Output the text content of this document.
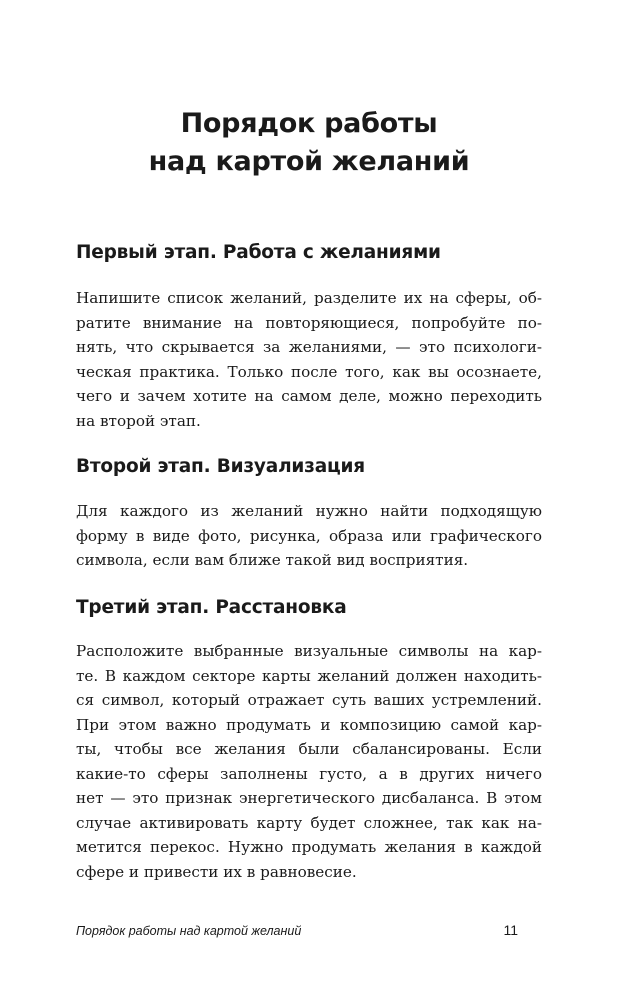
Порядок работы
над картой желаний
Первый этап. Работа с желаниями

Напишите список желаний, разделите их на сферы, об-
ратите внимание на повторяющиеся, попробуйте по-
нять, что скрывается за желаниями, — это психологи-
ческая практика. Только после того, как вы осознаете,
чего и зачем хотите на самом деле, можно переходить
на второй этап.

Второй этап. Визуализация

Для каждого из желаний нужно найти подходящую
форму в виде фото, рисунка, образа или графического
символа, если вам ближе такой вид восприятия.

Третий этап. Расстановка

Расположите выбранные визуальные символы на кар-
те. В каждом секторе карты желаний должен находить-
ся символ, который отражает суть ваших устремлений.
При этом важно продумать и композицию самой кар-
ты, чтобы все желания были сбалансированы. Если
какие-то сферы заполнены густо, а в других ничего
нет — это признак энергетического дисбаланса. В этом
случае активировать карту будет сложнее, так как на-
метится перекос. Нужно продумать желания в каждой
сфере и привести их в равновесие.

Порядок работы над картой желаний	11
